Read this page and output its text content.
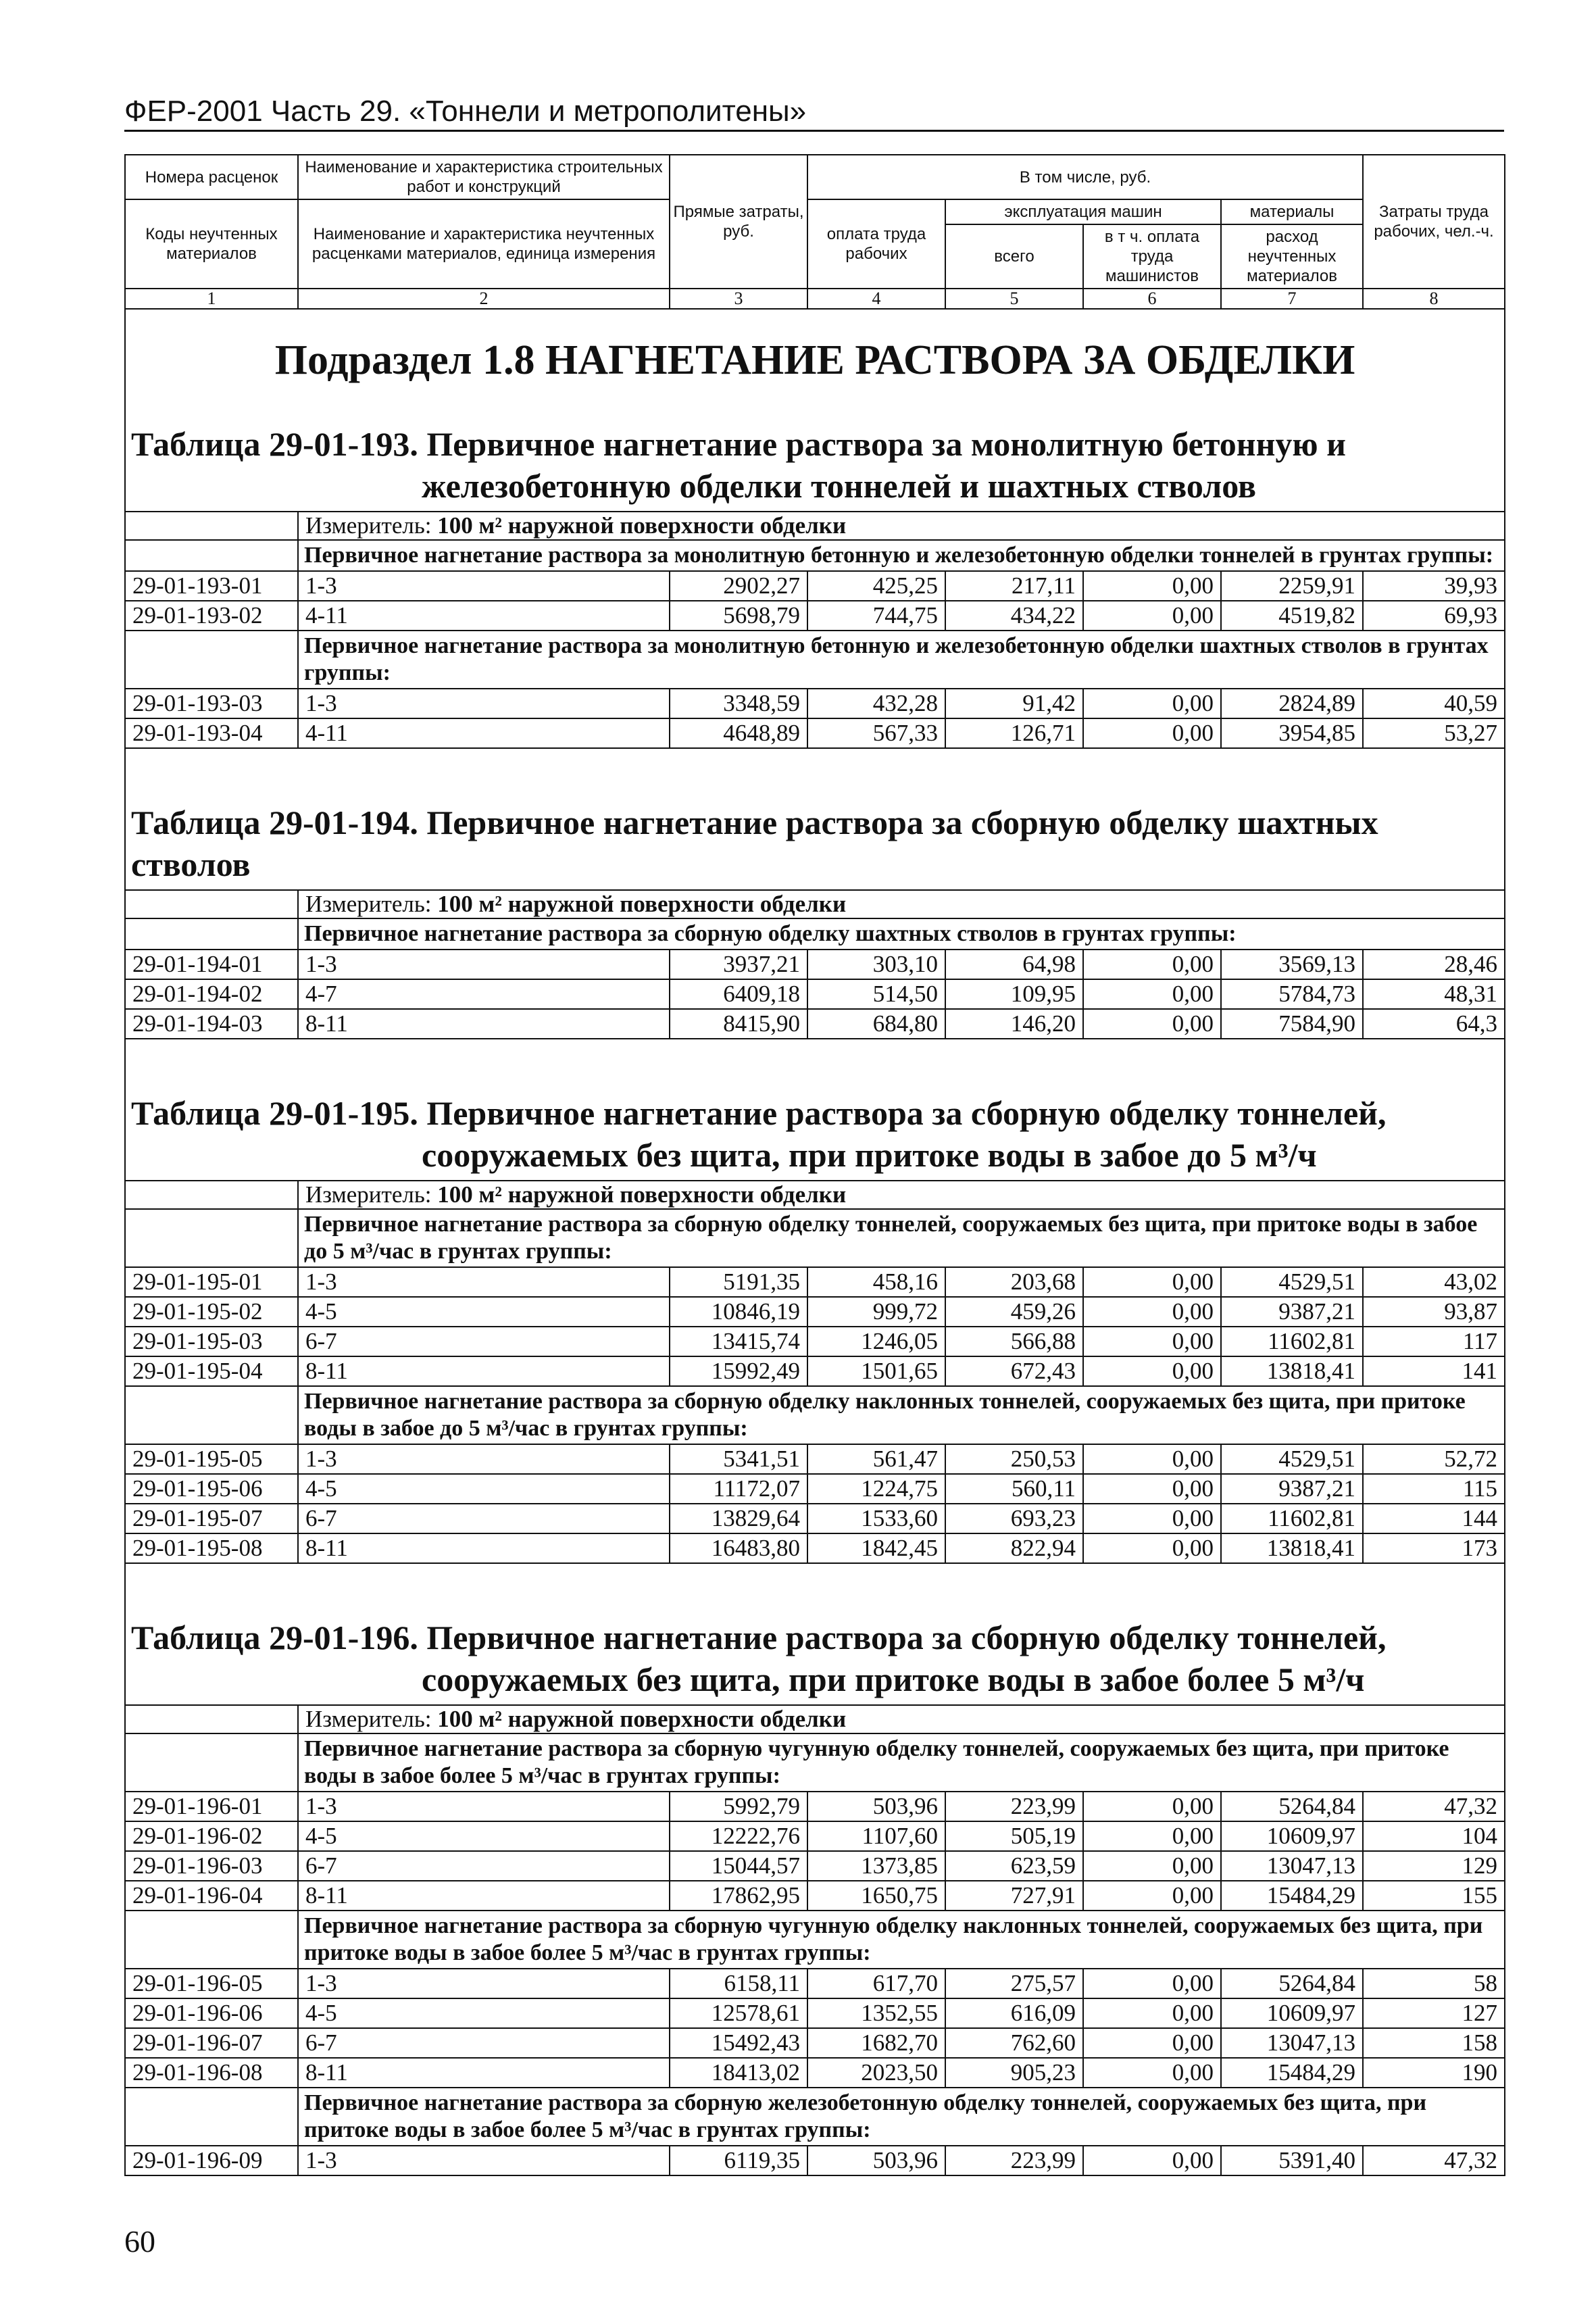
ФЕР-2001 Часть 29. «Тоннели и метрополитены»
Номера расценок	Наименование и характеристика строительных работ и конструкций	Прямые затраты, руб.	В том числе, руб.				Затраты труда рабочих, чел.-ч.
Коды неучтенных материалов	Наименование и характеристика неучтенных расценками материалов, единица измерения		оплата труда рабочих	эксплуатация машин		материалы	
				всего	в т ч. оплата труда машинистов	расход неучтенных материалов	
1	2	3	4	5	6	7	8
Подраздел 1.8 НАГНЕТАНИЕ РАСТВОРА ЗА ОБДЕЛКИ							
Таблица 29-01-193. Первичное нагнетание раствора за монолитную бетонную и
железобетонную обделки тоннелей и шахтных стволов							

	Измеритель: 100 м² наружной поверхности обделки						
	Первичное нагнетание раствора за монолитную бетонную и железобетонную обделки тоннелей в грунтах группы:						
29-01-193-01	1-3	2902,27	425,25	217,11	0,00	2259,91	39,93
29-01-193-02	4-11	5698,79	744,75	434,22	0,00	4519,82	69,93
	Первичное нагнетание раствора за монолитную бетонную и железобетонную обделки шахтных стволов в грунтах группы:						
29-01-193-03	1-3	3348,59	432,28	91,42	0,00	2824,89	40,59
29-01-193-04	4-11	4648,89	567,33	126,71	0,00	3954,85	53,27

Таблица 29-01-194. Первичное нагнетание раствора за сборную обделку шахтных стволов							
	Измеритель: 100 м² наружной поверхности обделки						
	Первичное нагнетание раствора за сборную обделку шахтных стволов в грунтах группы:						
29-01-194-01	1-3	3937,21	303,10	64,98	0,00	3569,13	28,46
29-01-194-02	4-7	6409,18	514,50	109,95	0,00	5784,73	48,31
29-01-194-03	8-11	8415,90	684,80	146,20	0,00	7584,90	64,3

Таблица 29-01-195. Первичное нагнетание раствора за сборную обделку тоннелей,
сооружаемых без щита, при притоке воды в забое до 5 м³/ч							

	Измеритель: 100 м² наружной поверхности обделки						
	Первичное нагнетание раствора за сборную обделку тоннелей, сооружаемых без щита, при притоке воды в забое до 5 м³/час в грунтах группы:						
29-01-195-01	1-3	5191,35	458,16	203,68	0,00	4529,51	43,02
29-01-195-02	4-5	10846,19	999,72	459,26	0,00	9387,21	93,87
29-01-195-03	6-7	13415,74	1246,05	566,88	0,00	11602,81	117
29-01-195-04	8-11	15992,49	1501,65	672,43	0,00	13818,41	141
	Первичное нагнетание раствора за сборную обделку наклонных тоннелей, сооружаемых без щита, при притоке воды в забое до 5 м³/час в грунтах группы:						
29-01-195-05	1-3	5341,51	561,47	250,53	0,00	4529,51	52,72
29-01-195-06	4-5	11172,07	1224,75	560,11	0,00	9387,21	115
29-01-195-07	6-7	13829,64	1533,60	693,23	0,00	11602,81	144
29-01-195-08	8-11	16483,80	1842,45	822,94	0,00	13818,41	173

Таблица 29-01-196. Первичное нагнетание раствора за сборную обделку тоннелей,
сооружаемых без щита, при притоке воды в забое более 5 м³/ч							

	Измеритель: 100 м² наружной поверхности обделки						
	Первичное нагнетание раствора за сборную чугунную обделку тоннелей, сооружаемых без щита, при притоке воды в забое более 5 м³/час в грунтах группы:						
29-01-196-01	1-3	5992,79	503,96	223,99	0,00	5264,84	47,32
29-01-196-02	4-5	12222,76	1107,60	505,19	0,00	10609,97	104
29-01-196-03	6-7	15044,57	1373,85	623,59	0,00	13047,13	129
29-01-196-04	8-11	17862,95	1650,75	727,91	0,00	15484,29	155
	Первичное нагнетание раствора за сборную чугунную обделку наклонных тоннелей, сооружаемых без щита, при притоке воды в забое более 5 м³/час в грунтах группы:						
29-01-196-05	1-3	6158,11	617,70	275,57	0,00	5264,84	58
29-01-196-06	4-5	12578,61	1352,55	616,09	0,00	10609,97	127
29-01-196-07	6-7	15492,43	1682,70	762,60	0,00	13047,13	158
29-01-196-08	8-11	18413,02	2023,50	905,23	0,00	15484,29	190
	Первичное нагнетание раствора за сборную железобетонную обделку тоннелей, сооружаемых без щита, при притоке воды в забое более 5 м³/час в грунтах группы:						
29-01-196-09	1-3	6119,35	503,96	223,99	0,00	5391,40	47,32
60
